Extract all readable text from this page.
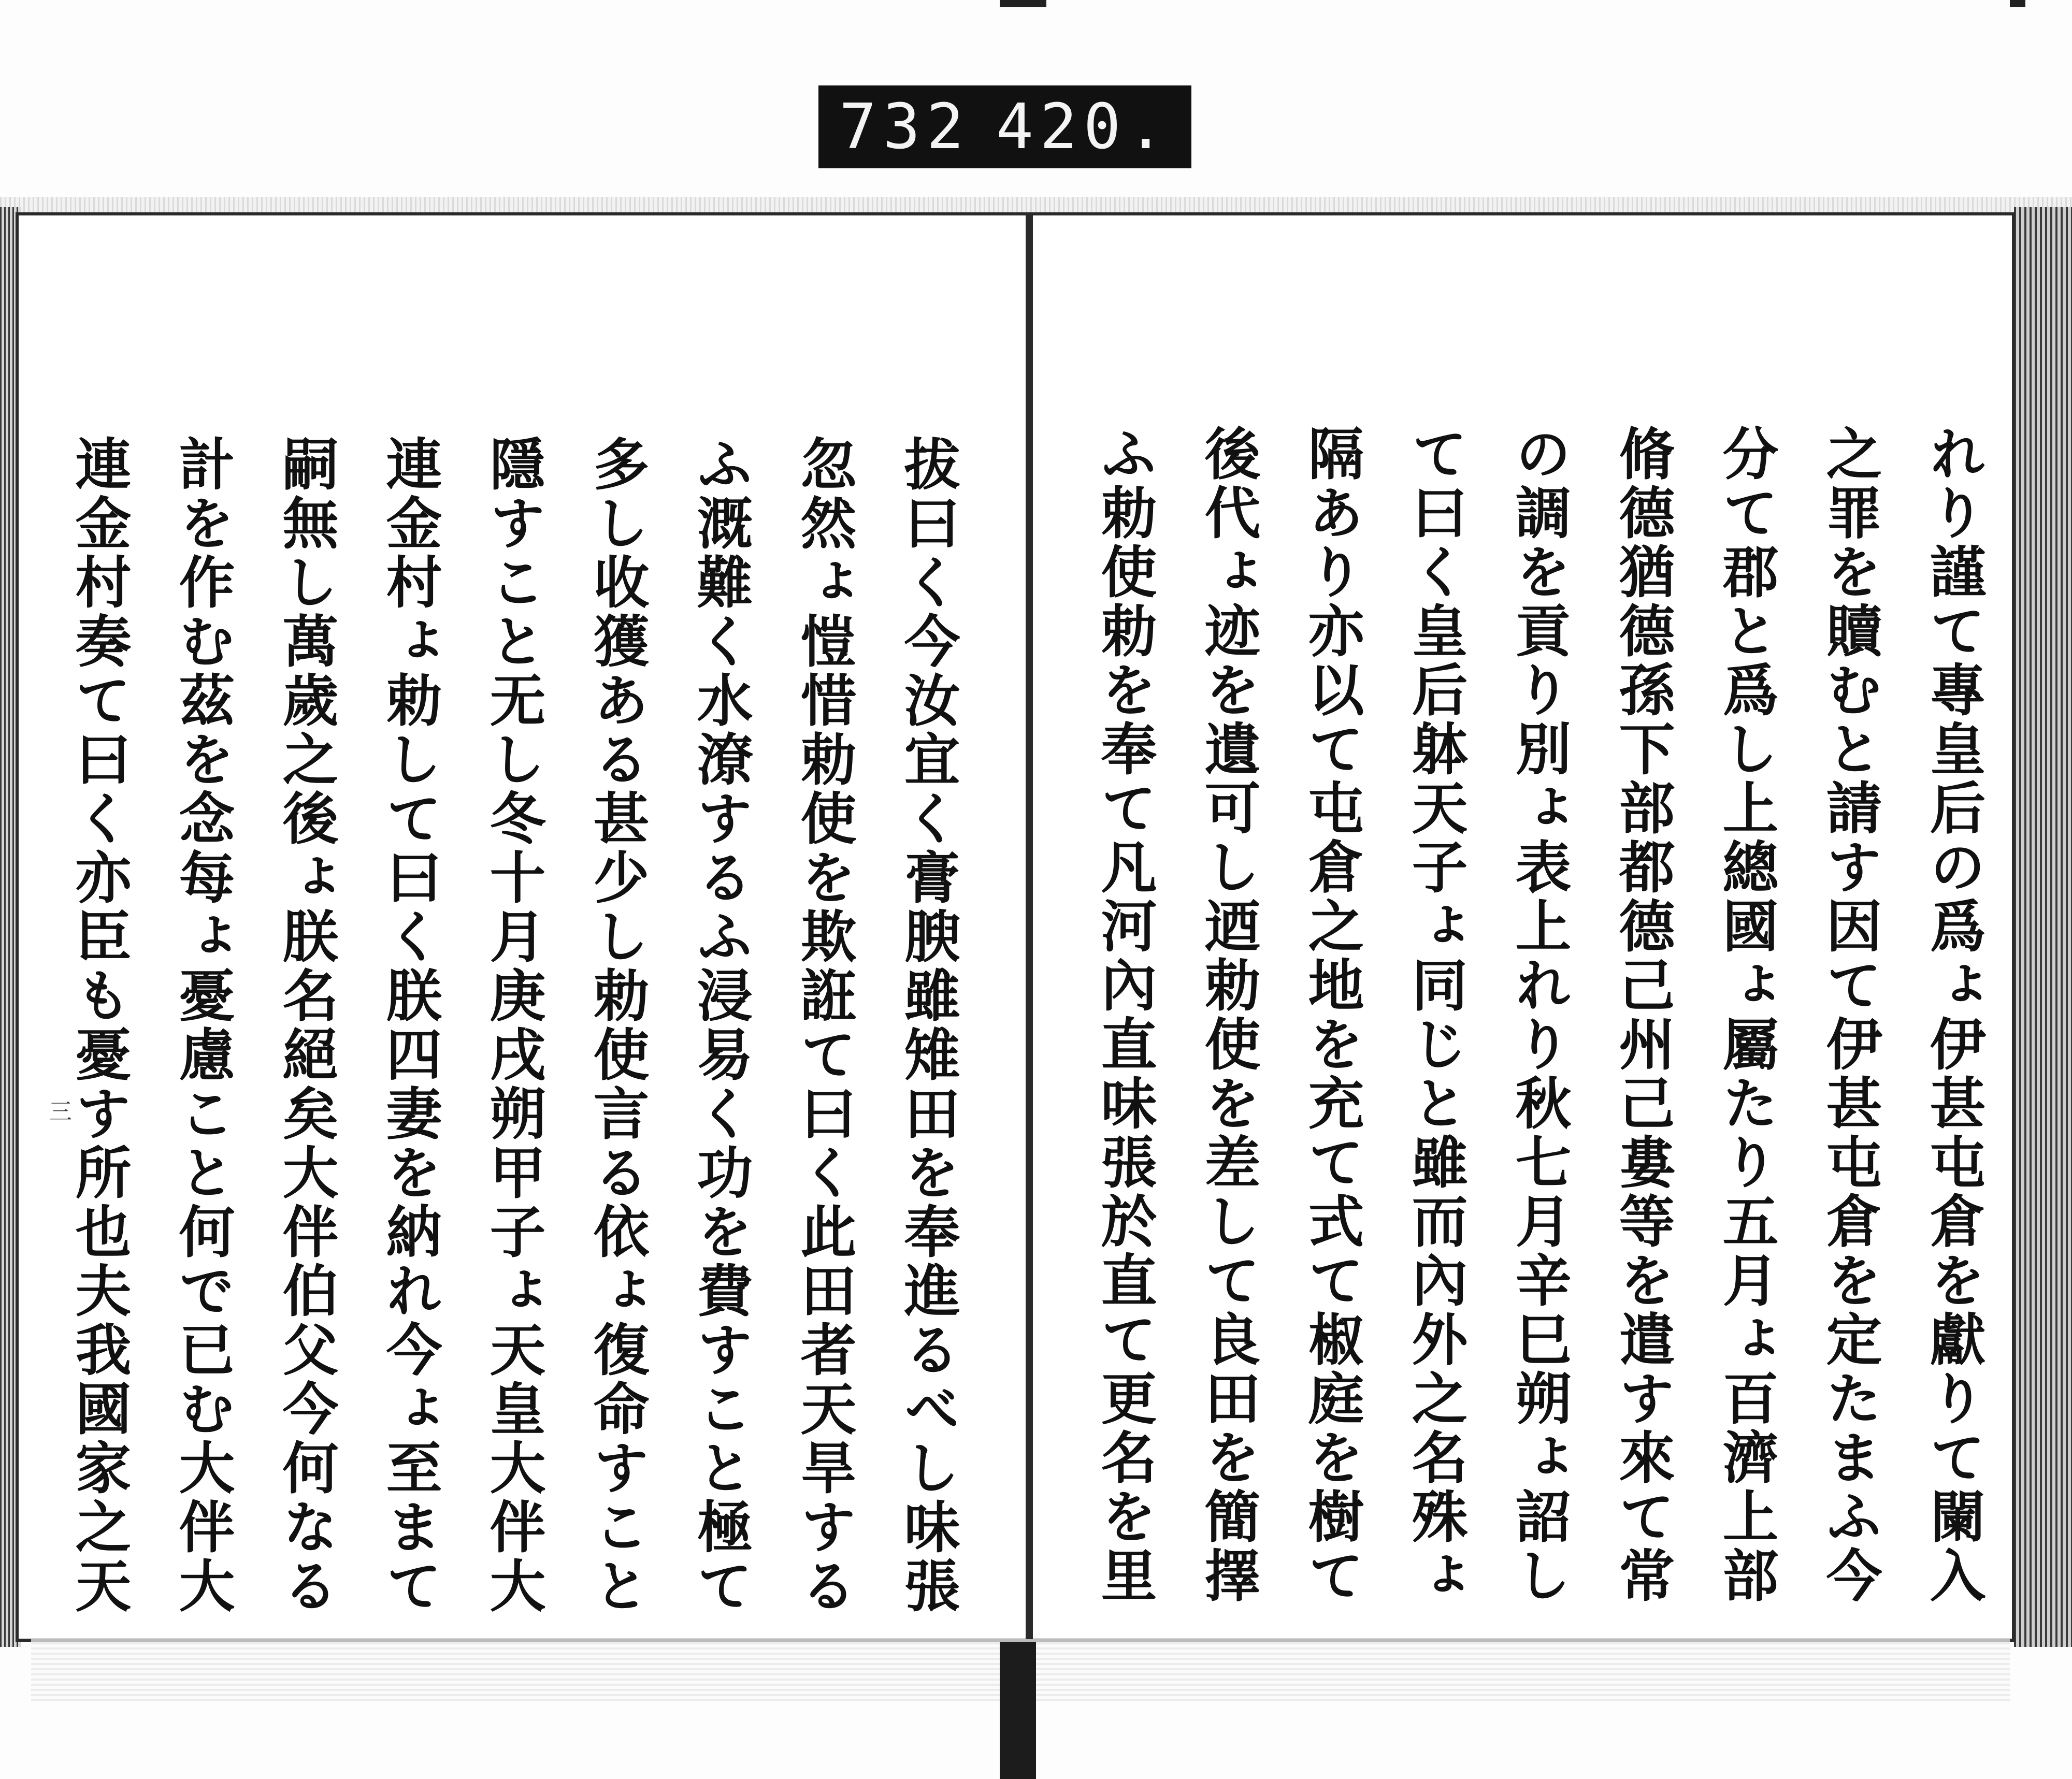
732 420.
三	れり謹て專皇后の爲ょ伊甚屯倉を獻りて闌入
之罪を贖むと請す因て伊甚屯倉を定たまふ今
分て郡と爲し上總國ょ屬たり五月ょ百濟上部
脩德猶德孫下部都德己州己婁等を遣す來て常
の調を貢り別ょ表上れり秋七月辛巳朔ょ詔し
て曰く皇后躰天子ょ同じと雖而內外之名殊ょ
隔あり亦以て屯倉之地を充て式て椒庭を樹て
後代ょ迹を遺可し迺勅使を差して良田を簡擇
ふ勅使勅を奉て凡河內直味張於直て更名を里
拔曰く今汝宜く膏腴雖雉田を奉進るべし味張
忽然ょ愷惜勅使を欺誑て曰く此田者天旱する
ふ溉難く水潦するふ浸易く功を費すこと極て
多し收獲ある甚少し勅使言る依ょ復命すこと
隱すこと无し冬十月庚戌朔甲子ょ天皇大伴大
連金村ょ勅して曰く朕四妻を納れ今ょ至まて
嗣無し萬歲之後ょ朕名絕矣大伴伯父今何なる
計を作む茲を念每ょ憂慮こと何で已む大伴大
連金村奏て曰く亦臣も憂す所也夫我國家之天
